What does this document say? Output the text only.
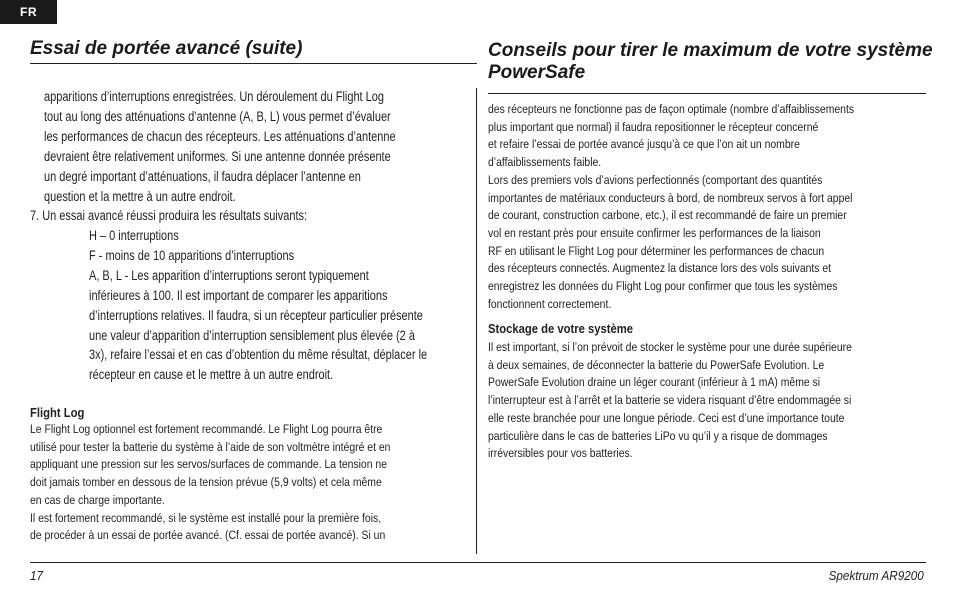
FR
Essai de portée avancé (suite)
apparitions d’interruptions enregistrées. Un déroulement du Flight Log
tout au long des atténuations d’antenne (A, B, L) vous permet d’évaluer
les performances de chacun des récepteurs. Les atténuations d’antenne
devraient être relativement uniformes. Si une antenne donnée présente
un degré important d’atténuations, il faudra déplacer l’antenne en
question et la mettre à un autre endroit.
7. Un essai avancé réussi produira les résultats suivants:
H – 0 interruptions
F - moins de 10 apparitions d’interruptions
A, B, L - Les apparition d’interruptions seront typiquement
inférieures à 100. Il est important de comparer les apparitions
d’interruptions relatives. Il faudra, si un récepteur particulier présente
une valeur d’apparition d’interruption sensiblement plus élevée (2 à
3x), refaire l’essai et en cas d’obtention du même résultat, déplacer le
récepteur en cause et le mettre à un autre endroit.
Flight Log
Le Flight Log optionnel est fortement recommandé. Le Flight Log pourra être
utilisé pour tester la batterie du système à l’aide de son voltmètre intégré et en
appliquant une pression sur les servos/surfaces de commande. La tension ne
doit jamais tomber en dessous de la tension prévue (5,9 volts) et cela même
en cas de charge importante.
Il est fortement recommandé, si le système est installé pour la première fois,
de procéder à un essai de portée avancé. (Cf. essai de portée avancé). Si un
Conseils pour tirer le maximum de votre système
PowerSafe
des récepteurs ne fonctionne pas de façon optimale (nombre d’affaiblissements
plus important que normal) il faudra repositionner le récepteur concerné
et refaire l’essai de portée avancé jusqu’à ce que l’on ait un nombre
d’affaiblissements faible.
Lors des premiers vols d’avions perfectionnés (comportant des quantités
importantes de matériaux conducteurs à bord, de nombreux servos à fort appel
de courant, construction carbone, etc.), il est recommandé de faire un premier
vol en restant près pour ensuite confirmer les performances de la liaison
RF en utilisant le Flight Log pour déterminer les performances de chacun
des récepteurs connectés. Augmentez la distance lors des vols suivants et
enregistrez les données du Flight Log pour confirmer que tous les systèmes
fonctionnent correctement.
Stockage de votre système
Il est important, si l’on prévoit de stocker le système pour une durée supérieure
à deux semaines, de déconnecter la batterie du PowerSafe Evolution. Le
PowerSafe Evolution draine un léger courant (inférieur à 1 mA) même si
l’interrupteur est à l’arrêt et la batterie se videra risquant d’être endommagée si
elle reste branchée pour une longue période. Ceci est d’une importance toute
particulière dans le cas de batteries LiPo vu qu’il y a risque de dommages
irréversibles pour vos batteries.
17	Spektrum AR9200
